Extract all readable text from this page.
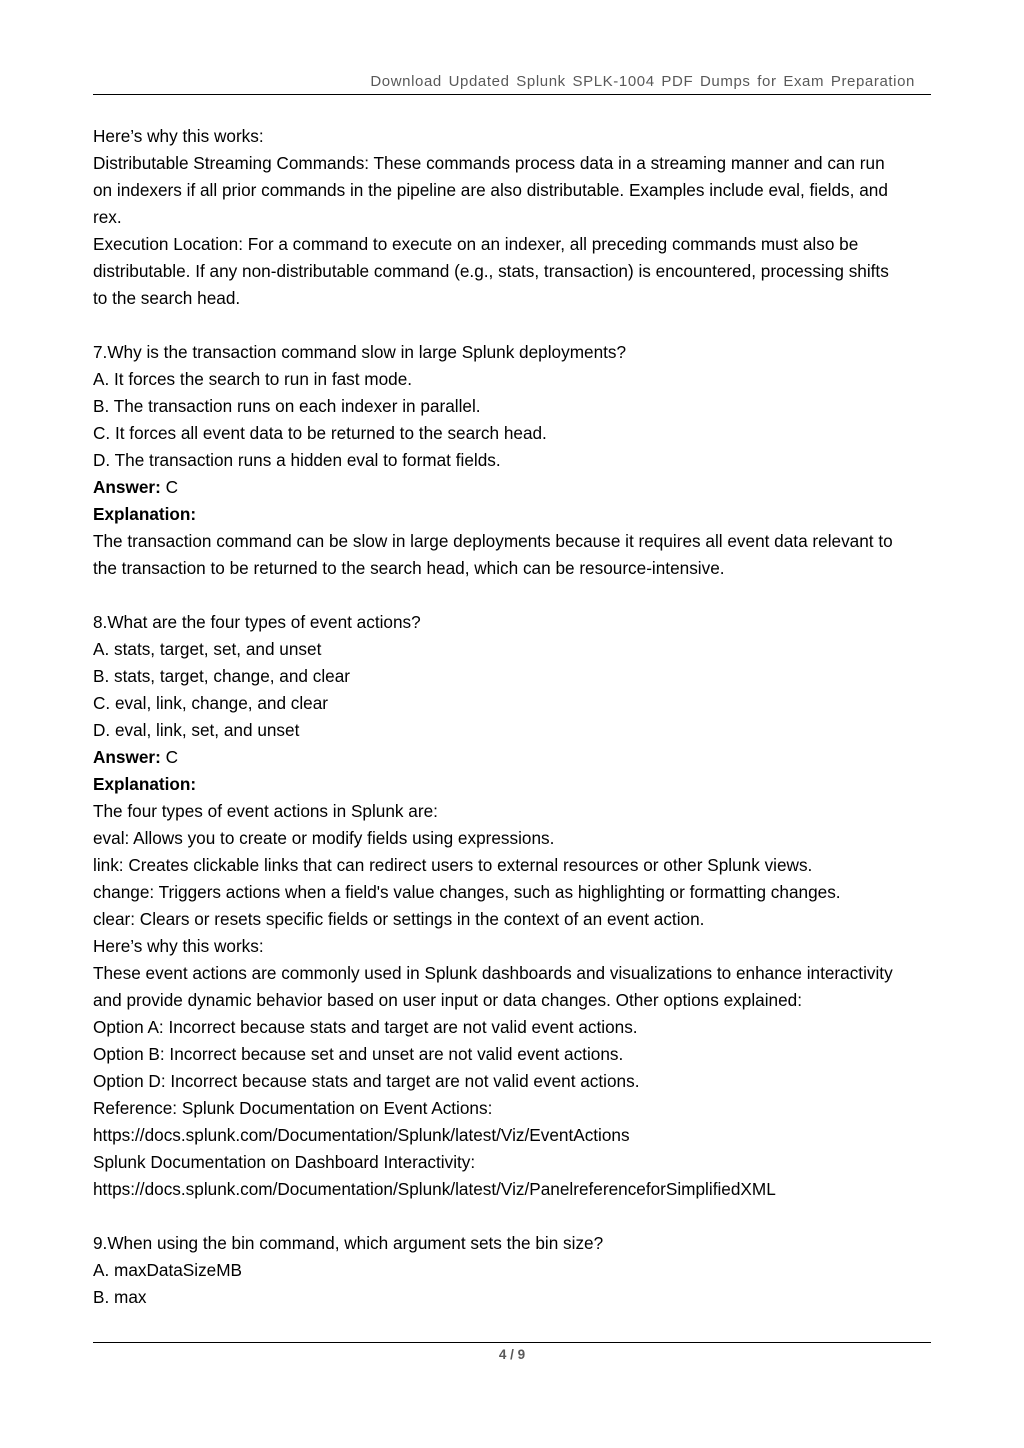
Download Updated Splunk SPLK-1004 PDF Dumps for Exam Preparation
Here’s why this works:
Distributable Streaming Commands: These commands process data in a streaming manner and can run
on indexers if all prior commands in the pipeline are also distributable. Examples include eval, fields, and
rex.
Execution Location: For a command to execute on an indexer, all preceding commands must also be
distributable. If any non-distributable command (e.g., stats, transaction) is encountered, processing shifts
to the search head.
7.Why is the transaction command slow in large Splunk deployments?
A. It forces the search to run in fast mode.
B. The transaction runs on each indexer in parallel.
C. It forces all event data to be returned to the search head.
D. The transaction runs a hidden eval to format fields.
Answer: C
Explanation:
The transaction command can be slow in large deployments because it requires all event data relevant to
the transaction to be returned to the search head, which can be resource-intensive.
8.What are the four types of event actions?
A. stats, target, set, and unset
B. stats, target, change, and clear
C. eval, link, change, and clear
D. eval, link, set, and unset
Answer: C
Explanation:
The four types of event actions in Splunk are:
eval: Allows you to create or modify fields using expressions.
link: Creates clickable links that can redirect users to external resources or other Splunk views.
change: Triggers actions when a field's value changes, such as highlighting or formatting changes.
clear: Clears or resets specific fields or settings in the context of an event action.
Here’s why this works:
These event actions are commonly used in Splunk dashboards and visualizations to enhance interactivity
and provide dynamic behavior based on user input or data changes. Other options explained:
Option A: Incorrect because stats and target are not valid event actions.
Option B: Incorrect because set and unset are not valid event actions.
Option D: Incorrect because stats and target are not valid event actions.
Reference: Splunk Documentation on Event Actions:
https://docs.splunk.com/Documentation/Splunk/latest/Viz/EventActions
Splunk Documentation on Dashboard Interactivity:
https://docs.splunk.com/Documentation/Splunk/latest/Viz/PanelreferenceforSimplifiedXML
9.When using the bin command, which argument sets the bin size?
A. maxDataSizeMB
B. max
4 / 9
